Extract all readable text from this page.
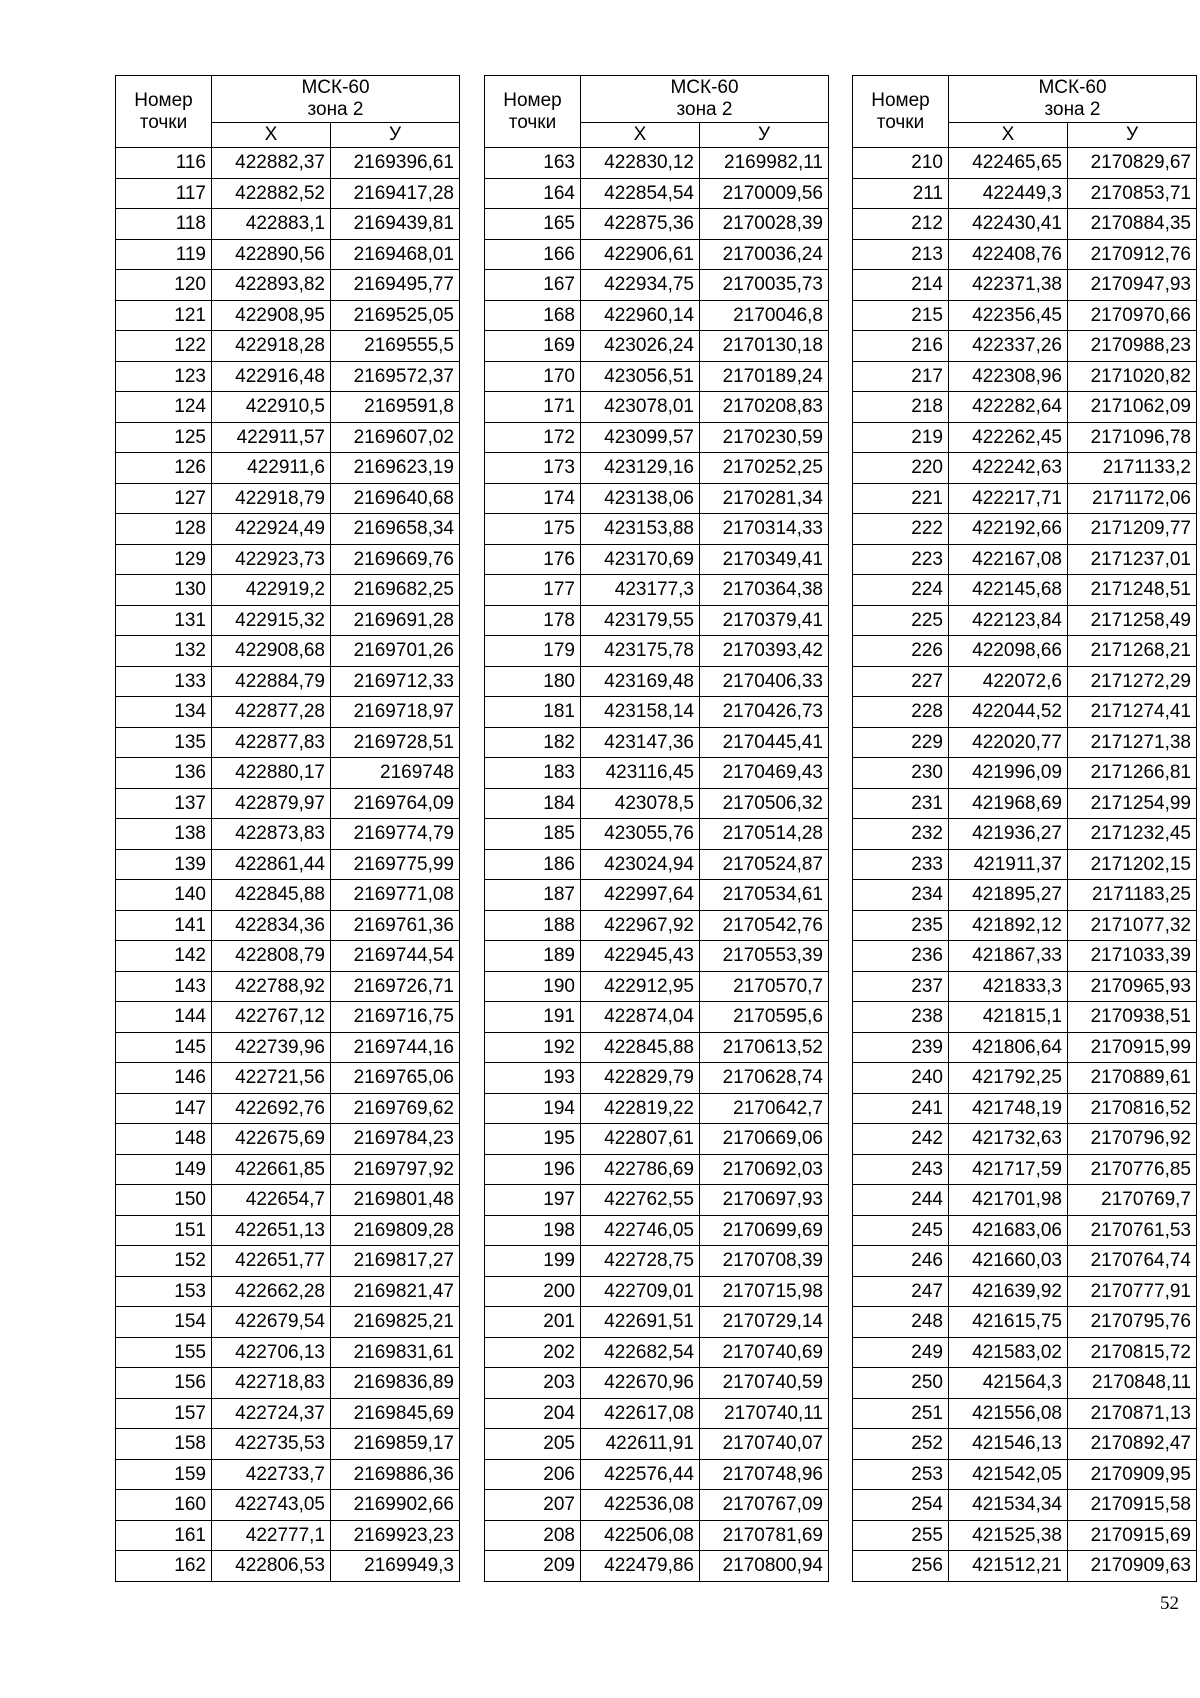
Номер
точки	МСК-60
зона 2	
	Х	У
116	422882,37	2169396,61
117	422882,52	2169417,28
118	422883,1	2169439,81
119	422890,56	2169468,01
120	422893,82	2169495,77
121	422908,95	2169525,05
122	422918,28	2169555,5
123	422916,48	2169572,37
124	422910,5	2169591,8
125	422911,57	2169607,02
126	422911,6	2169623,19
127	422918,79	2169640,68
128	422924,49	2169658,34
129	422923,73	2169669,76
130	422919,2	2169682,25
131	422915,32	2169691,28
132	422908,68	2169701,26
133	422884,79	2169712,33
134	422877,28	2169718,97
135	422877,83	2169728,51
136	422880,17	2169748
137	422879,97	2169764,09
138	422873,83	2169774,79
139	422861,44	2169775,99
140	422845,88	2169771,08
141	422834,36	2169761,36
142	422808,79	2169744,54
143	422788,92	2169726,71
144	422767,12	2169716,75
145	422739,96	2169744,16
146	422721,56	2169765,06
147	422692,76	2169769,62
148	422675,69	2169784,23
149	422661,85	2169797,92
150	422654,7	2169801,48
151	422651,13	2169809,28
152	422651,77	2169817,27
153	422662,28	2169821,47
154	422679,54	2169825,21
155	422706,13	2169831,61
156	422718,83	2169836,89
157	422724,37	2169845,69
158	422735,53	2169859,17
159	422733,7	2169886,36
160	422743,05	2169902,66
161	422777,1	2169923,23
162	422806,53	2169949,3
Номер
точки	МСК-60
зона 2	
	Х	У
163	422830,12	2169982,11
164	422854,54	2170009,56
165	422875,36	2170028,39
166	422906,61	2170036,24
167	422934,75	2170035,73
168	422960,14	2170046,8
169	423026,24	2170130,18
170	423056,51	2170189,24
171	423078,01	2170208,83
172	423099,57	2170230,59
173	423129,16	2170252,25
174	423138,06	2170281,34
175	423153,88	2170314,33
176	423170,69	2170349,41
177	423177,3	2170364,38
178	423179,55	2170379,41
179	423175,78	2170393,42
180	423169,48	2170406,33
181	423158,14	2170426,73
182	423147,36	2170445,41
183	423116,45	2170469,43
184	423078,5	2170506,32
185	423055,76	2170514,28
186	423024,94	2170524,87
187	422997,64	2170534,61
188	422967,92	2170542,76
189	422945,43	2170553,39
190	422912,95	2170570,7
191	422874,04	2170595,6
192	422845,88	2170613,52
193	422829,79	2170628,74
194	422819,22	2170642,7
195	422807,61	2170669,06
196	422786,69	2170692,03
197	422762,55	2170697,93
198	422746,05	2170699,69
199	422728,75	2170708,39
200	422709,01	2170715,98
201	422691,51	2170729,14
202	422682,54	2170740,69
203	422670,96	2170740,59
204	422617,08	2170740,11
205	422611,91	2170740,07
206	422576,44	2170748,96
207	422536,08	2170767,09
208	422506,08	2170781,69
209	422479,86	2170800,94
Номер
точки	МСК-60
зона 2	
	Х	У
210	422465,65	2170829,67
211	422449,3	2170853,71
212	422430,41	2170884,35
213	422408,76	2170912,76
214	422371,38	2170947,93
215	422356,45	2170970,66
216	422337,26	2170988,23
217	422308,96	2171020,82
218	422282,64	2171062,09
219	422262,45	2171096,78
220	422242,63	2171133,2
221	422217,71	2171172,06
222	422192,66	2171209,77
223	422167,08	2171237,01
224	422145,68	2171248,51
225	422123,84	2171258,49
226	422098,66	2171268,21
227	422072,6	2171272,29
228	422044,52	2171274,41
229	422020,77	2171271,38
230	421996,09	2171266,81
231	421968,69	2171254,99
232	421936,27	2171232,45
233	421911,37	2171202,15
234	421895,27	2171183,25
235	421892,12	2171077,32
236	421867,33	2171033,39
237	421833,3	2170965,93
238	421815,1	2170938,51
239	421806,64	2170915,99
240	421792,25	2170889,61
241	421748,19	2170816,52
242	421732,63	2170796,92
243	421717,59	2170776,85
244	421701,98	2170769,7
245	421683,06	2170761,53
246	421660,03	2170764,74
247	421639,92	2170777,91
248	421615,75	2170795,76
249	421583,02	2170815,72
250	421564,3	2170848,11
251	421556,08	2170871,13
252	421546,13	2170892,47
253	421542,05	2170909,95
254	421534,34	2170915,58
255	421525,38	2170915,69
256	421512,21	2170909,63
52
